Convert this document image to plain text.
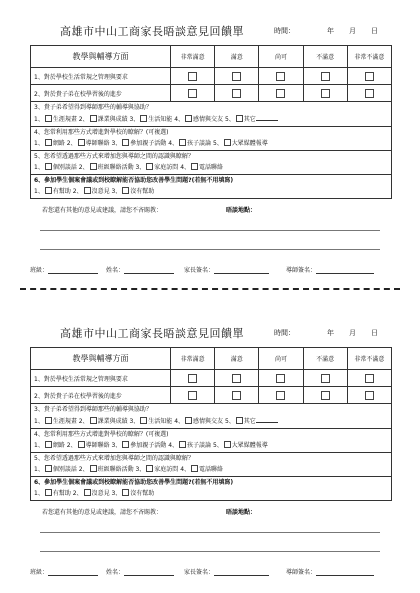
高雄市中山工商家長晤談意見回饋單	時間：	年 月 日
教學與輔導方面	非常滿意	滿意	尚可	不滿意	非常不滿意
1、對於學校生活常規之管理與要求					
2、對於貴子弟在校學習後的進步					

3、貴子弟希望得到導師那些的輔導與協助？
1、 生涯規畫 2、 課業與成績 3、 生活知能 4、 感情與交友 5、 其它					

4、您常利用那些方式增進對學校的瞭解？(可複選)
1、 網路 2、 導師聯絡 3、 參加親子活動 4、 孩子談論 5、 大眾媒體報導					

5、您希望透過那些方式來增加您與導師之間的認識與瞭解？
1、 個別談話 2、 班級聯絡活動 3、 家庭訪問 4、 電話聯絡					

6、參加學生個案會議或到校瞭解能否協助您改善學生問題?(若無不用填寫)
1、 有幫助 2、 沒意見 3、 沒有幫助					
若您還有其他的意見或建議，請您不吝賜教：	晤談地點：
班級：	姓名：	家長簽名：	導師簽名：
高雄市中山工商家長晤談意見回饋單	時間：	年 月 日
教學與輔導方面	非常滿意	滿意	尚可	不滿意	非常不滿意
1、對於學校生活常規之管理與要求					
2、對於貴子弟在校學習後的進步					

3、貴子弟希望得到導師那些的輔導與協助？
1、 生涯規畫 2、 課業與成績 3、 生活知能 4、 感情與交友 5、 其它					

4、您常利用那些方式增進對學校的瞭解？(可複選)
1、 網路 2、 導師聯絡 3、 參加親子活動 4、 孩子談論 5、 大眾媒體報導					

5、您希望透過那些方式來增加您與導師之間的認識與瞭解？
1、 個別談話 2、 班級聯絡活動 3、 家庭訪問 4、 電話聯絡					

6、參加學生個案會議或到校瞭解能否協助您改善學生問題?(若無不用填寫)
1、 有幫助 2、 沒意見 3、 沒有幫助					
若您還有其他的意見或建議，請您不吝賜教：	晤談地點：
班級：	姓名：	家長簽名：	導師簽名：
